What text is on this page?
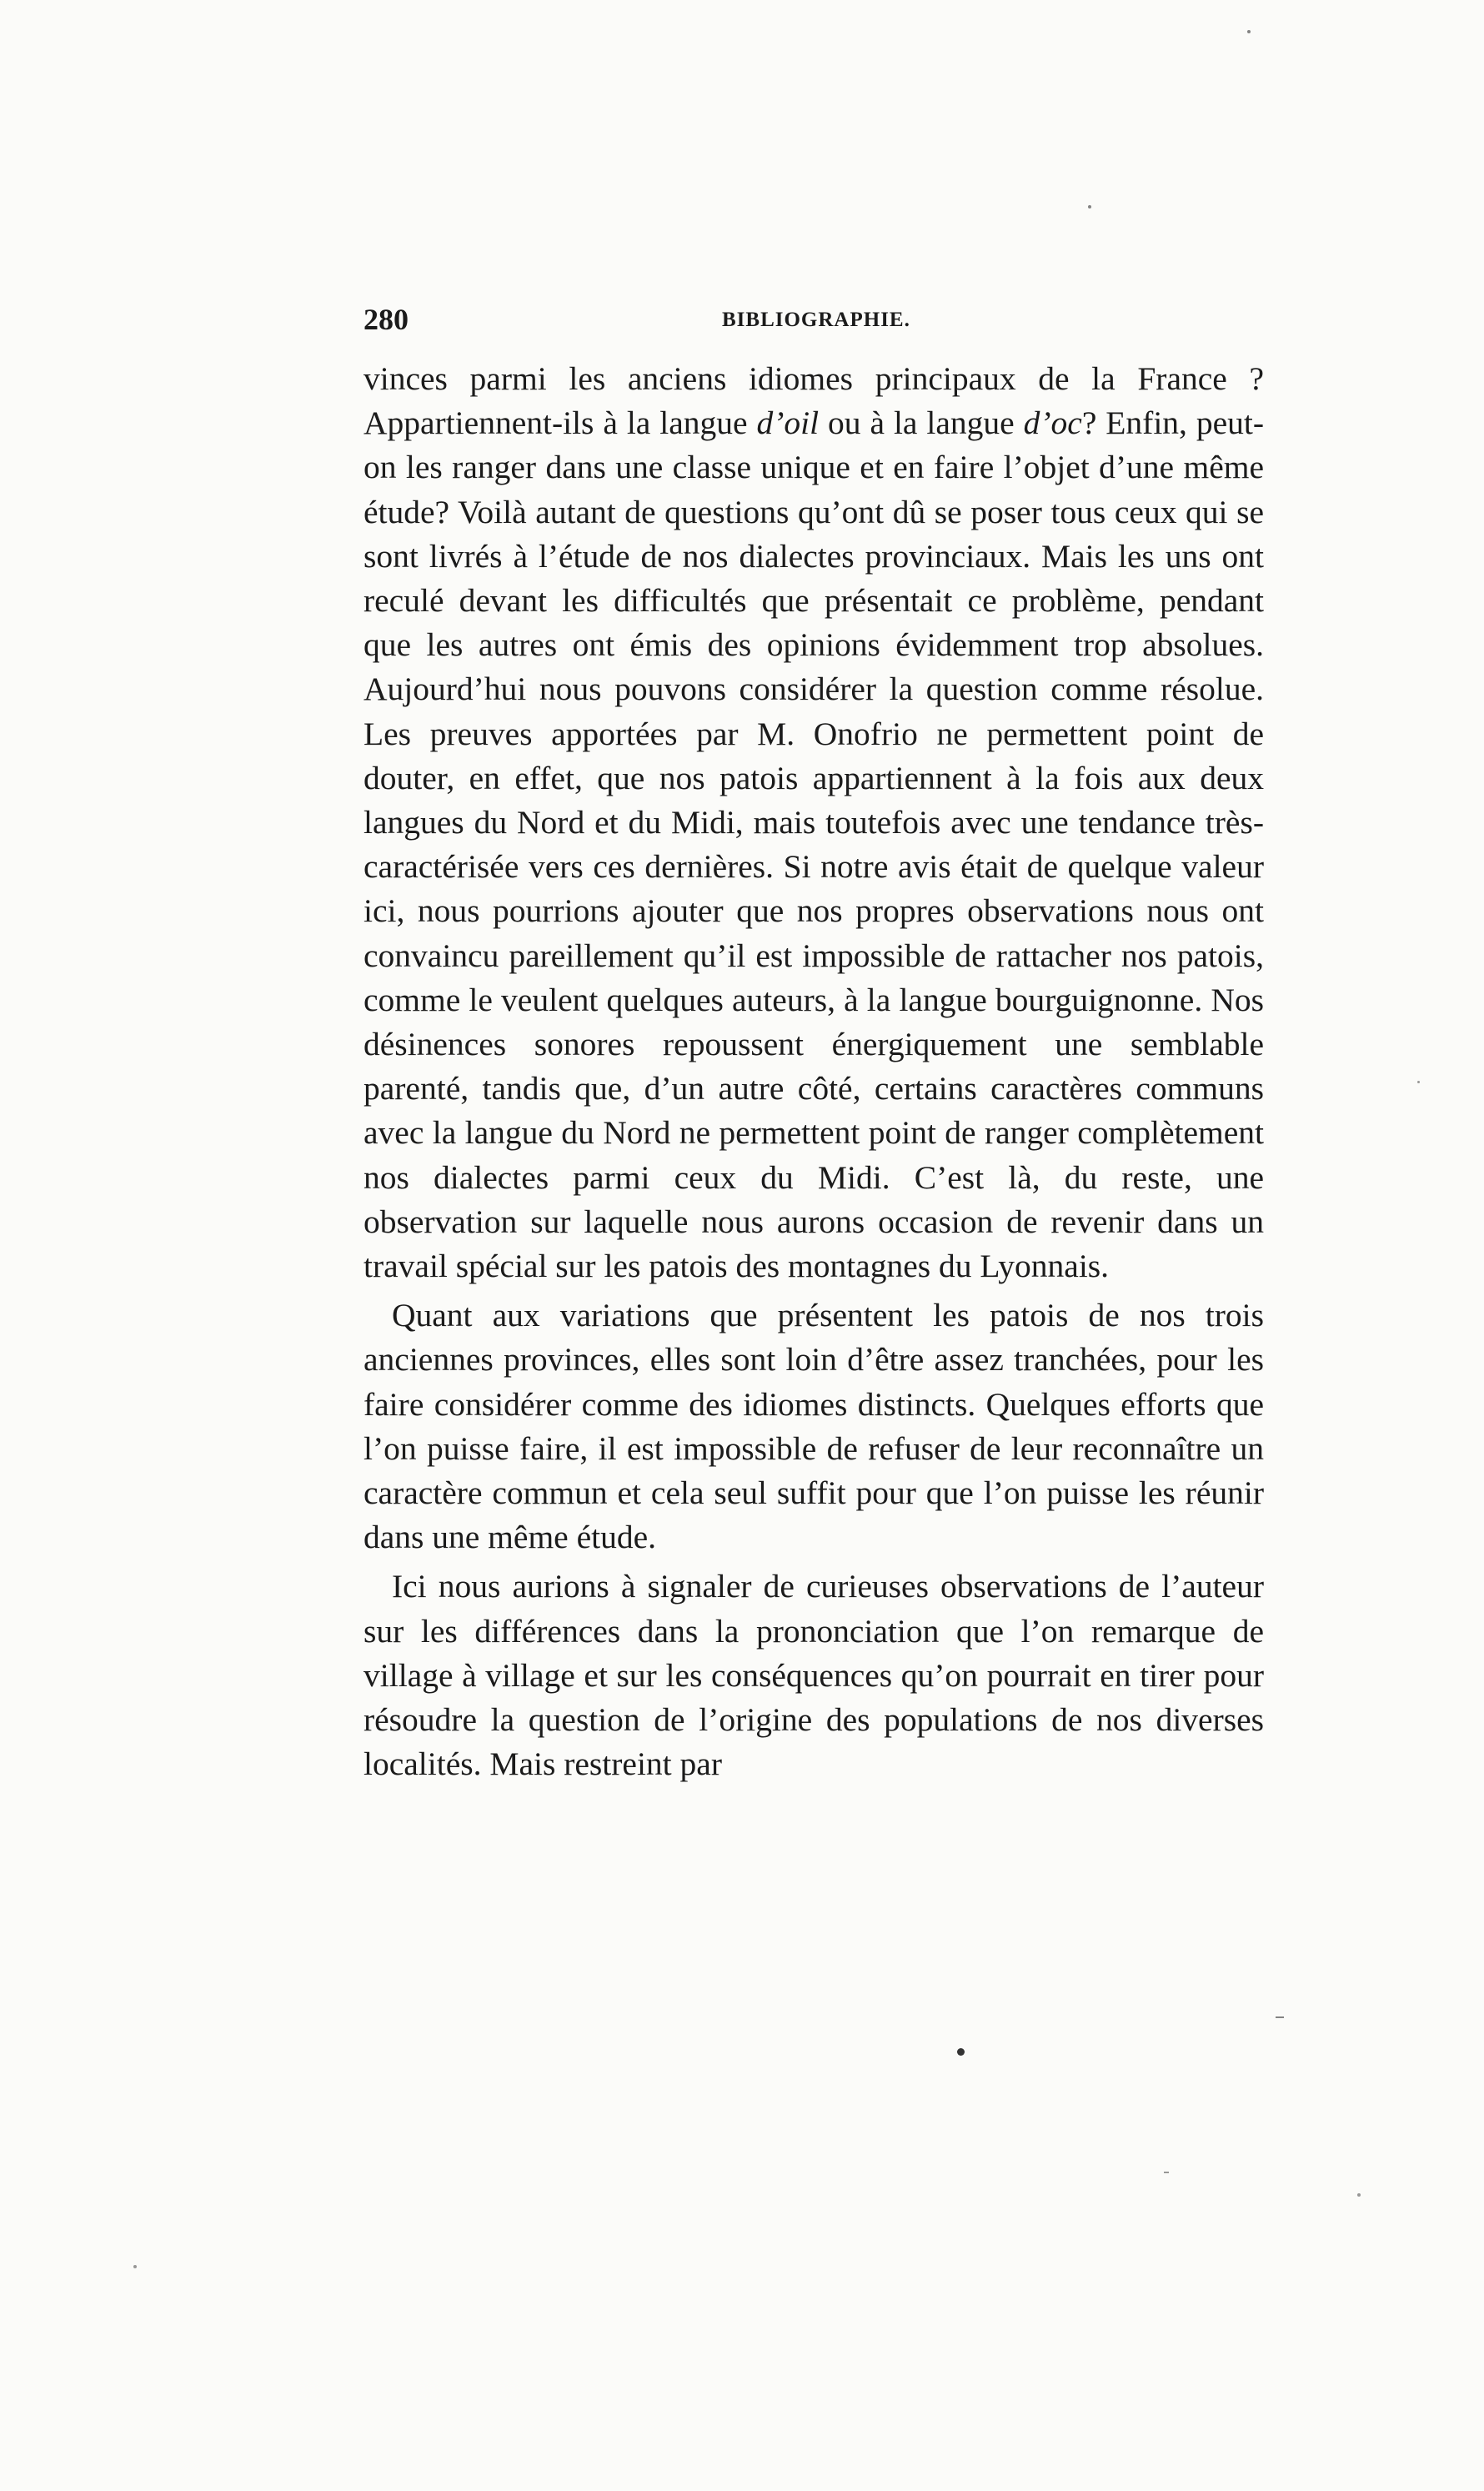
280	BIBLIOGRAPHIE.

vinces parmi les anciens idiomes principaux de la France ? Appartiennent-ils à la langue d’oil ou à la langue d’oc? Enfin, peut-on les ranger dans une classe unique et en faire l’objet d’une même étude? Voilà autant de questions qu’ont dû se poser tous ceux qui se sont livrés à l’étude de nos dialectes provinciaux. Mais les uns ont reculé devant les difficultés que présentait ce problème, pendant que les autres ont émis des opinions évidemment trop absolues. Aujourd’hui nous pouvons considérer la question comme résolue. Les preuves apportées par M. Onofrio ne permettent point de douter, en effet, que nos patois appartiennent à la fois aux deux langues du Nord et du Midi, mais toutefois avec une tendance très-caractérisée vers ces dernières. Si notre avis était de quelque valeur ici, nous pourrions ajouter que nos propres observations nous ont convaincu pareillement qu’il est impossible de rattacher nos patois, comme le veulent quelques auteurs, à la langue bourguignonne. Nos désinences sonores repoussent énergiquement une semblable parenté, tandis que, d’un autre côté, certains caractères communs avec la langue du Nord ne permettent point de ranger complètement nos dialectes parmi ceux du Midi. C’est là, du reste, une observation sur laquelle nous aurons occasion de revenir dans un travail spécial sur les patois des montagnes du Lyonnais.

Quant aux variations que présentent les patois de nos trois anciennes provinces, elles sont loin d’être assez tranchées, pour les faire considérer comme des idiomes distincts. Quelques efforts que l’on puisse faire, il est impossible de refuser de leur reconnaître un caractère commun et cela seul suffit pour que l’on puisse les réunir dans une même étude.

Ici nous aurions à signaler de curieuses observations de l’auteur sur les différences dans la prononciation que l’on remarque de village à village et sur les conséquences qu’on pourrait en tirer pour résoudre la question de l’origine des populations de nos diverses localités. Mais restreint par
